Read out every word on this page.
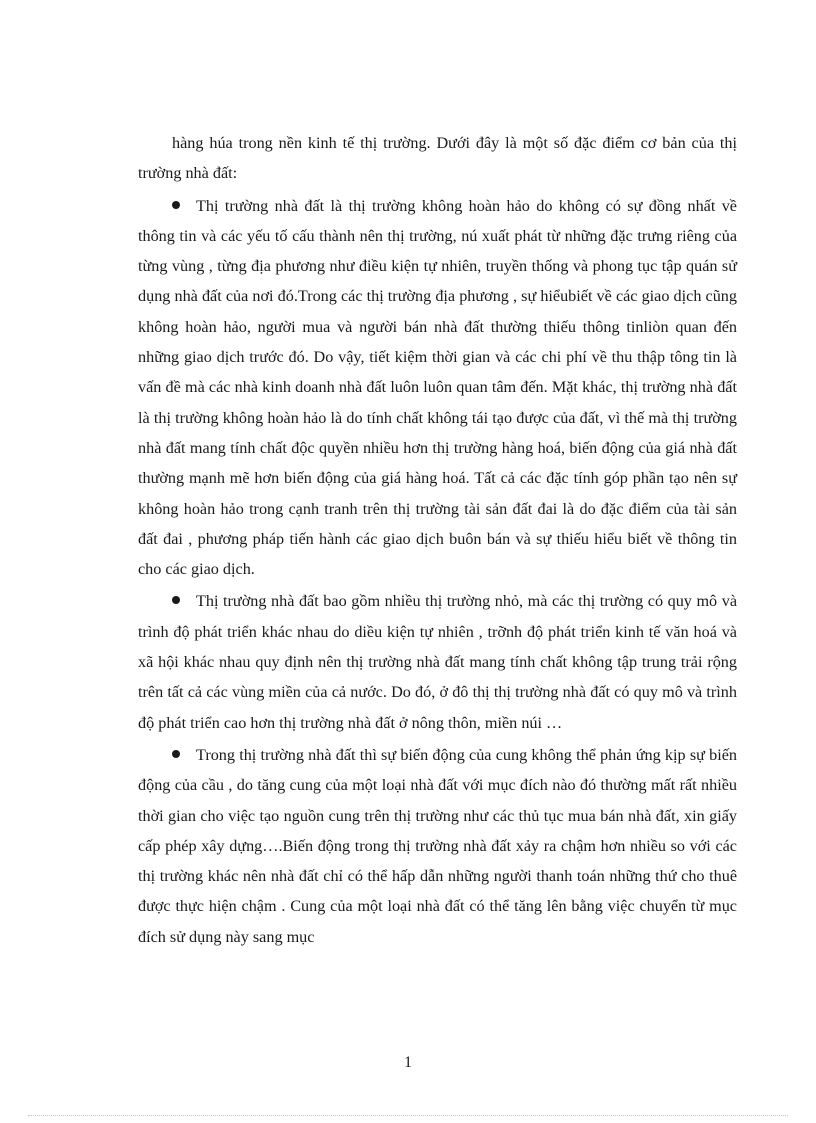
hàng húa trong nền kinh tế thị trường. Dưới đây là một số đặc điểm cơ bản của thị trường nhà đất:

Thị trường nhà đất là thị trường không hoàn hảo do không có sự đồng nhất về thông tin và các yếu tố cấu thành nên thị trường, nú xuất phát từ những đặc trưng riêng của từng vùng , từng địa phương như điều kiện tự nhiên, truyền thống và phong tục tập quán sử dụng nhà đất của nơi đó.Trong các thị trường địa phương , sự hiểubiết về các giao dịch cũng không hoàn hảo, người mua và người bán nhà đất thường thiếu thông tinliòn quan đến những giao dịch trước đó. Do vậy, tiết kiệm thời gian và các chi phí về thu thập tông tin là vấn đề mà các nhà kinh doanh nhà đất luôn luôn quan tâm đến. Mặt khác, thị trường nhà đất là thị trường không hoàn hảo là do tính chất không tái tạo được của đất, vì thế mà thị trường nhà đất mang tính chất độc quyền nhiều hơn thị trường hàng hoá, biến động của giá nhà đất thường mạnh mẽ hơn biến động của giá hàng hoá. Tất cả các đặc tính góp phần tạo nên sự không hoàn hảo trong cạnh tranh trên thị trường tài sản đất đai là do đặc điểm của tài sản đất đai , phương pháp tiến hành các giao dịch buôn bán và sự thiếu hiểu biết về thông tin cho các giao dịch.

Thị trường nhà đất bao gồm nhiều thị trường nhỏ, mà các thị trường có quy mô và trình độ phát triển khác nhau do diều kiện tự nhiên , trỡnh độ phát triển kinh tế văn hoá và xã hội khác nhau quy định nên thị trường nhà đất mang tính chất không tập trung trải rộng trên tất cả các vùng miền của cả nước. Do đó, ở đô thị thị trường nhà đất có quy mô và trình độ phát triển cao hơn thị trường nhà đất ở nông thôn, miền núi …

Trong thị trường nhà đất thì sự biến động của cung không thể phản ứng kịp sự biến động của cầu , do tăng cung của một loại nhà đất với mục đích nào đó thường mất rất nhiều thời gian cho việc tạo nguồn cung trên thị trường như các thủ tục mua bán nhà đất, xin giấy cấp phép xây dựng….Biến động trong thị trường nhà đất xảy ra chậm hơn nhiều so với các thị trường khác nên nhà đất chỉ có thể hấp dẫn những người thanh toán những thứ cho thuê được thực hiện chậm . Cung của một loại nhà đất có thể tăng lên bằng việc chuyển từ mục đích sử dụng này sang mục

1
